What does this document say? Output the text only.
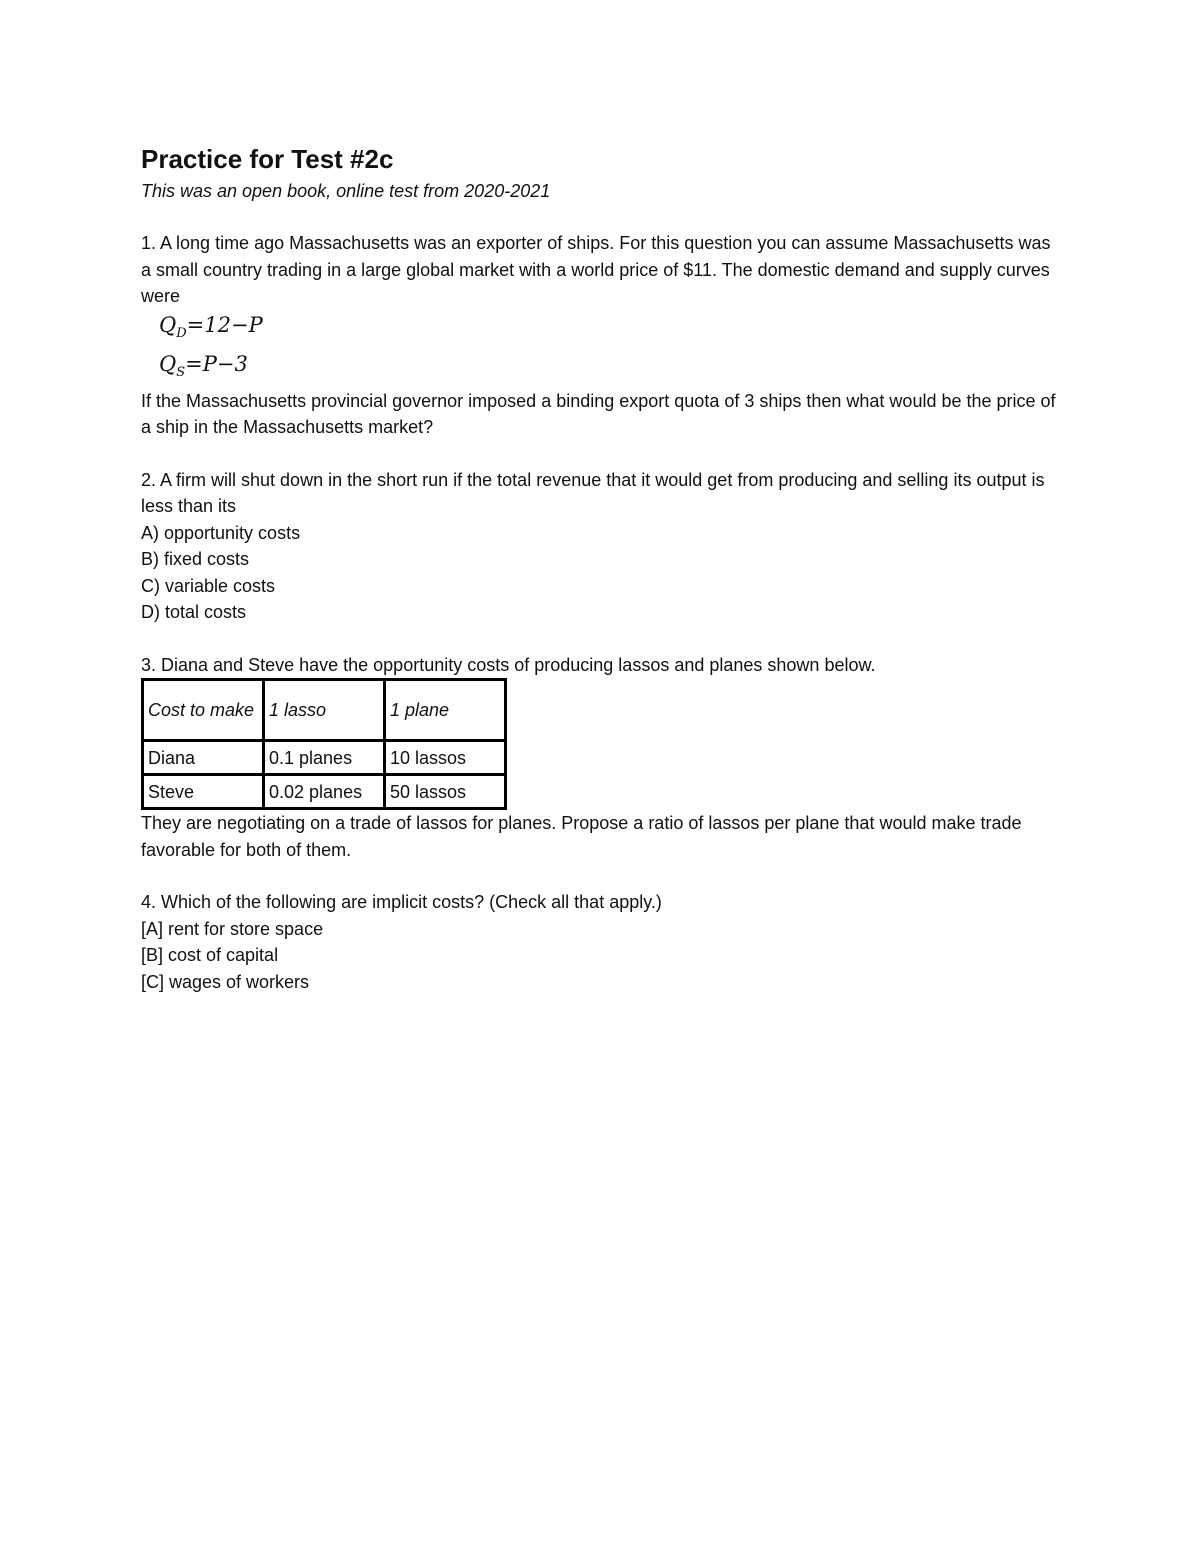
Practice for Test #2c

This was an open book, online test from 2020-2021

1. A long time ago Massachusetts was an exporter of ships. For this question you can assume Massachusetts was a small country trading in a large global market with a world price of $11. The domestic demand and supply curves were

$Q_D=12-P$
$Q_S=P-3$

If the Massachusetts provincial governor imposed a binding export quota of 3 ships then what would be the price of a ship in the Massachusetts market?

2. A firm will shut down in the short run if the total revenue that it would get from producing and selling its output is less than its

A) opportunity costs

B) fixed costs

C) variable costs

D) total costs

3. Diana and Steve have the opportunity costs of producing lassos and planes shown below.

Cost to make	1 lasso	1 plane
Diana	0.1 planes	10 lassos
Steve	0.02 planes	50 lassos

They are negotiating on a trade of lassos for planes. Propose a ratio of lassos per plane that would make trade favorable for both of them.

4. Which of the following are implicit costs? (Check all that apply.)

[A] rent for store space

[B] cost of capital

[C] wages of workers
